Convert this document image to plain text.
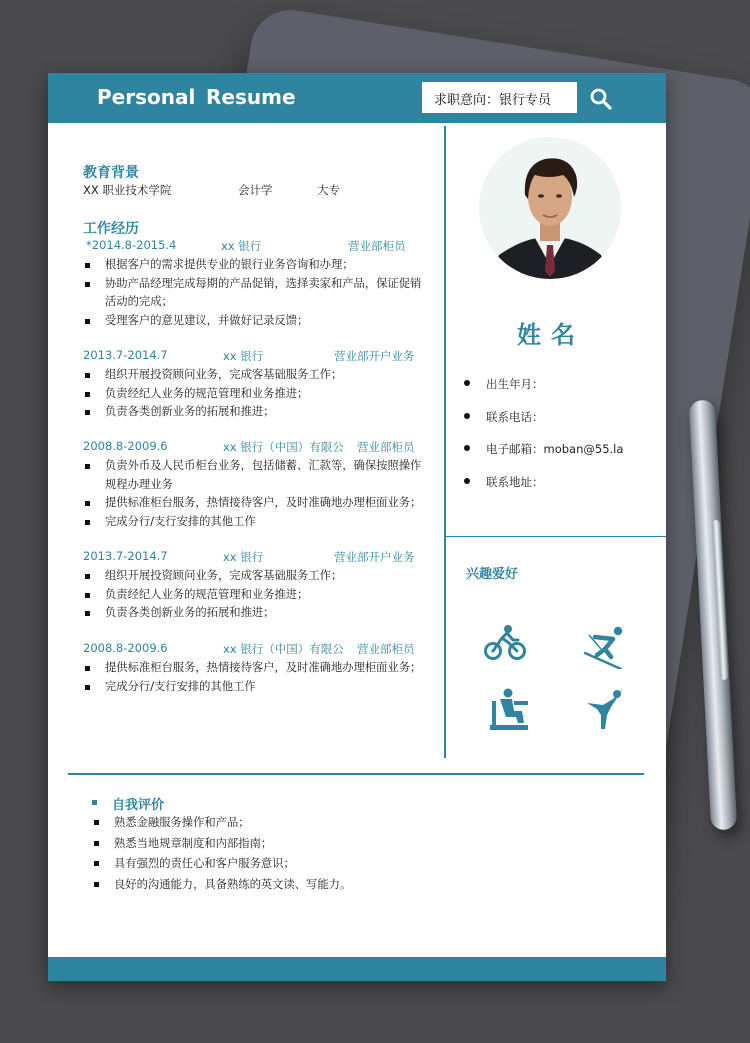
Personal Resume	求职意向：银行专员
教育背景
XX 职业技术学院	会计学	大专
工作经历
*2014.8-2015.4	xx 银行	营业部柜员
根据客户的需求提供专业的银行业务咨询和办理；
协助产品经理完成每期的产品促销，选择卖家和产品，保证促销活动的完成；
受理客户的意见建议，并做好记录反馈；
2013.7-2014.7	xx 银行	营业部开户业务
组织开展投资顾问业务，完成客基础服务工作；
负责经纪人业务的规范管理和业务推进；
负责各类创新业务的拓展和推进；
2008.8-2009.6	xx 银行（中国）有限公 营业部柜员
负责外币及人民币柜台业务，包括储蓄、汇款等，确保按照操作规程办理业务
提供标准柜台服务，热情接待客户，及时准确地办理柜面业务；
完成分行/支行安排的其他工作
2013.7-2014.7	xx 银行	营业部开户业务
组织开展投资顾问业务，完成客基础服务工作；
负责经纪人业务的规范管理和业务推进；
负责各类创新业务的拓展和推进；
2008.8-2009.6	xx 银行（中国）有限公 营业部柜员
提供标准柜台服务，热情接待客户，及时准确地办理柜面业务；
完成分行/支行安排的其他工作
姓名
出生年月：
联系电话：
电子邮箱：moban@55.la
联系地址：
兴趣爱好
自我评价
熟悉金融服务操作和产品；
熟悉当地规章制度和内部指南；
具有强烈的责任心和客户服务意识；
良好的沟通能力，具备熟练的英文读、写能力。
